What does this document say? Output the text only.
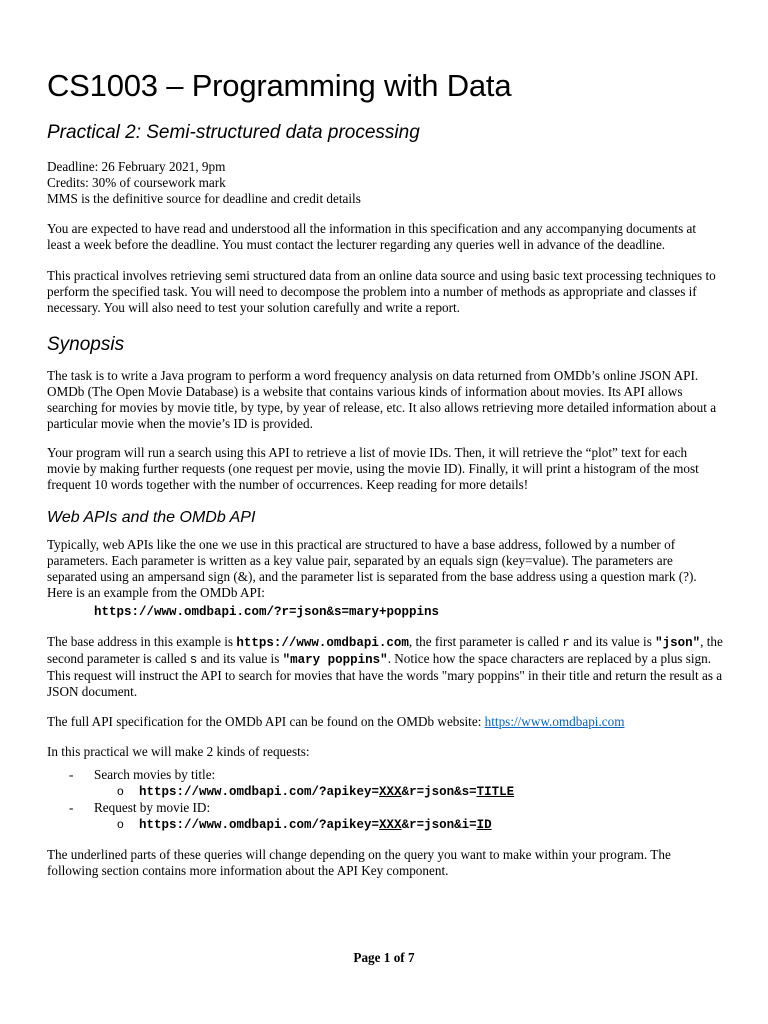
CS1003 – Programming with Data
Practical 2: Semi-structured data processing

Deadline: 26 February 2021, 9pm

Credits: 30% of coursework mark

MMS is the definitive source for deadline and credit details

You are expected to have read and understood all the information in this specification and any accompanying documents at least a week before the deadline. You must contact the lecturer regarding any queries well in advance of the deadline.

This practical involves retrieving semi structured data from an online data source and using basic text processing techniques to perform the specified task. You will need to decompose the problem into a number of methods as appropriate and classes if necessary. You will also need to test your solution carefully and write a report.

Synopsis

The task is to write a Java program to perform a word frequency analysis on data returned from OMDb’s online JSON API. OMDb (The Open Movie Database) is a website that contains various kinds of information about movies. Its API allows searching for movies by movie title, by type, by year of release, etc. It also allows retrieving more detailed information about a particular movie when the movie’s ID is provided.

Your program will run a search using this API to retrieve a list of movie IDs. Then, it will retrieve the “plot” text for each movie by making further requests (one request per movie, using the movie ID). Finally, it will print a histogram of the most frequent 10 words together with the number of occurrences. Keep reading for more details!

Web APIs and the OMDb API

Typically, web APIs like the one we use in this practical are structured to have a base address, followed by a number of parameters. Each parameter is written as a key value pair, separated by an equals sign (key=value). The parameters are separated using an ampersand sign (&), and the parameter list is separated from the base address using a question mark (?). Here is an example from the OMDb API:

https://www.omdbapi.com/?r=json&s=mary+poppins

The base address in this example is https://www.omdbapi.com, the first parameter is called r and its value is "json", the second parameter is called s and its value is "mary poppins". Notice how the space characters are replaced by a plus sign. This request will instruct the API to search for movies that have the words "mary poppins" in their title and return the result as a JSON document.

The full API specification for the OMDb API can be found on the OMDb website: https://www.omdbapi.com

In this practical we will make 2 kinds of requests:

- Search movies by title:
o https://www.omdbapi.com/?apikey=XXX&r=json&s=TITLE
- Request by movie ID:
o https://www.omdbapi.com/?apikey=XXX&r=json&i=ID

The underlined parts of these queries will change depending on the query you want to make within your program. The following section contains more information about the API Key component.

Page 1 of 7
